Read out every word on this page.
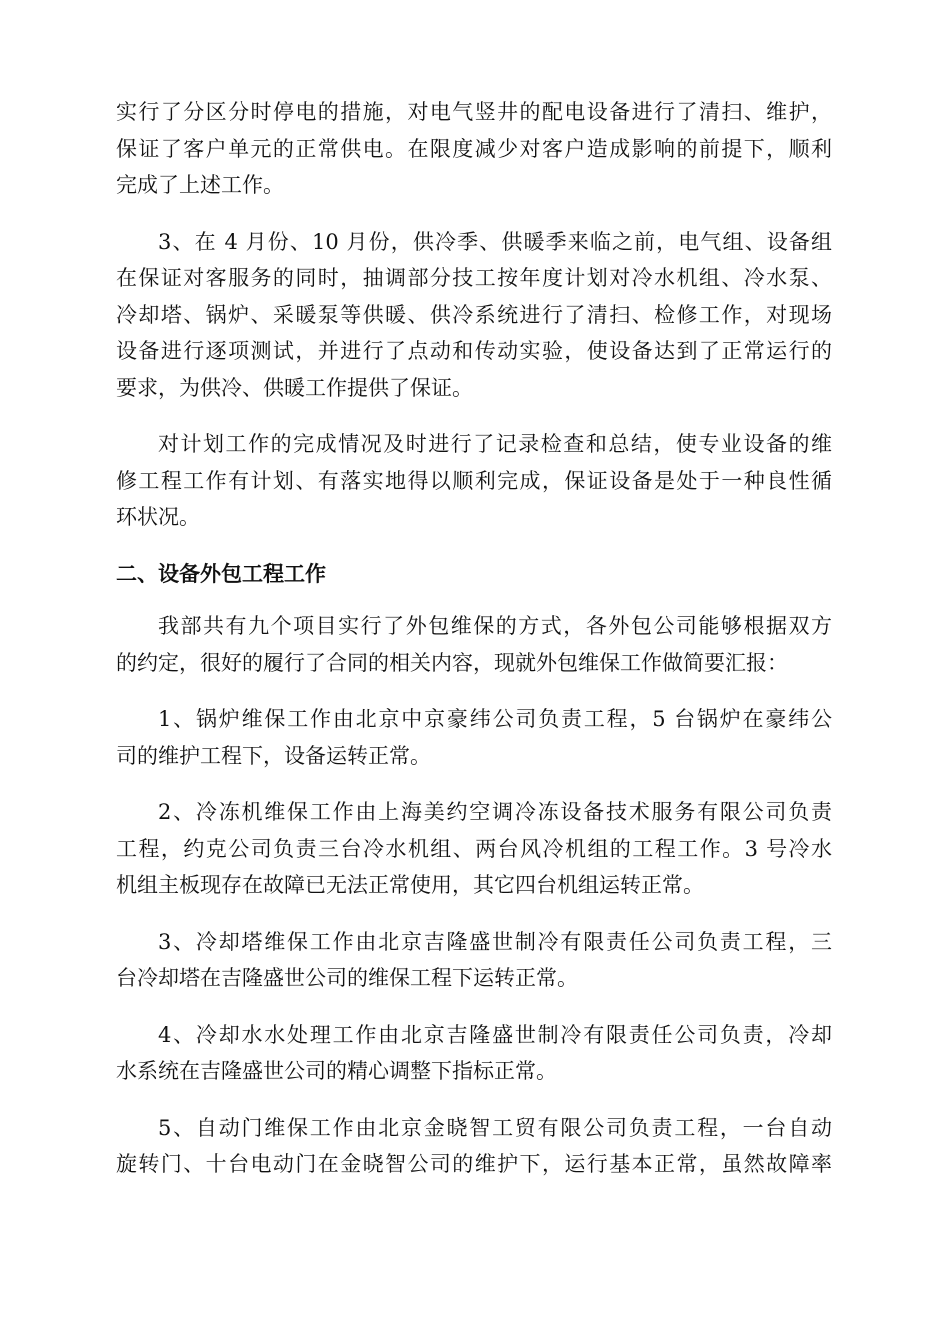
实行了分区分时停电的措施，对电气竖井的配电设备进行了清扫、维护，
保证了客户单元的正常供电。在限度减少对客户造成影响的前提下，顺利
完成了上述工作。

3、在 4 月份、10 月份，供冷季、供暖季来临之前，电气组、设备组
在保证对客服务的同时，抽调部分技工按年度计划对冷水机组、冷水泵、
冷却塔、锅炉、采暖泵等供暖、供冷系统进行了清扫、检修工作，对现场
设备进行逐项测试，并进行了点动和传动实验，使设备达到了正常运行的
要求，为供冷、供暖工作提供了保证。

对计划工作的完成情况及时进行了记录检查和总结，使专业设备的维
修工程工作有计划、有落实地得以顺利完成，保证设备是处于一种良性循
环状况。

二、设备外包工程工作

我部共有九个项目实行了外包维保的方式，各外包公司能够根据双方
的约定，很好的履行了合同的相关内容，现就外包维保工作做简要汇报：

1、锅炉维保工作由北京中京豪纬公司负责工程，5 台锅炉在豪纬公
司的维护工程下，设备运转正常。

2、冷冻机维保工作由上海美约空调冷冻设备技术服务有限公司负责
工程，约克公司负责三台冷水机组、两台风冷机组的工程工作。3 号冷水
机组主板现存在故障已无法正常使用，其它四台机组运转正常。

3、冷却塔维保工作由北京吉隆盛世制冷有限责任公司负责工程，三
台冷却塔在吉隆盛世公司的维保工程下运转正常。

4、冷却水水处理工作由北京吉隆盛世制冷有限责任公司负责，冷却
水系统在吉隆盛世公司的精心调整下指标正常。

5、自动门维保工作由北京金晓智工贸有限公司负责工程，一台自动
旋转门、十台电动门在金晓智公司的维护下，运行基本正常，虽然故障率
